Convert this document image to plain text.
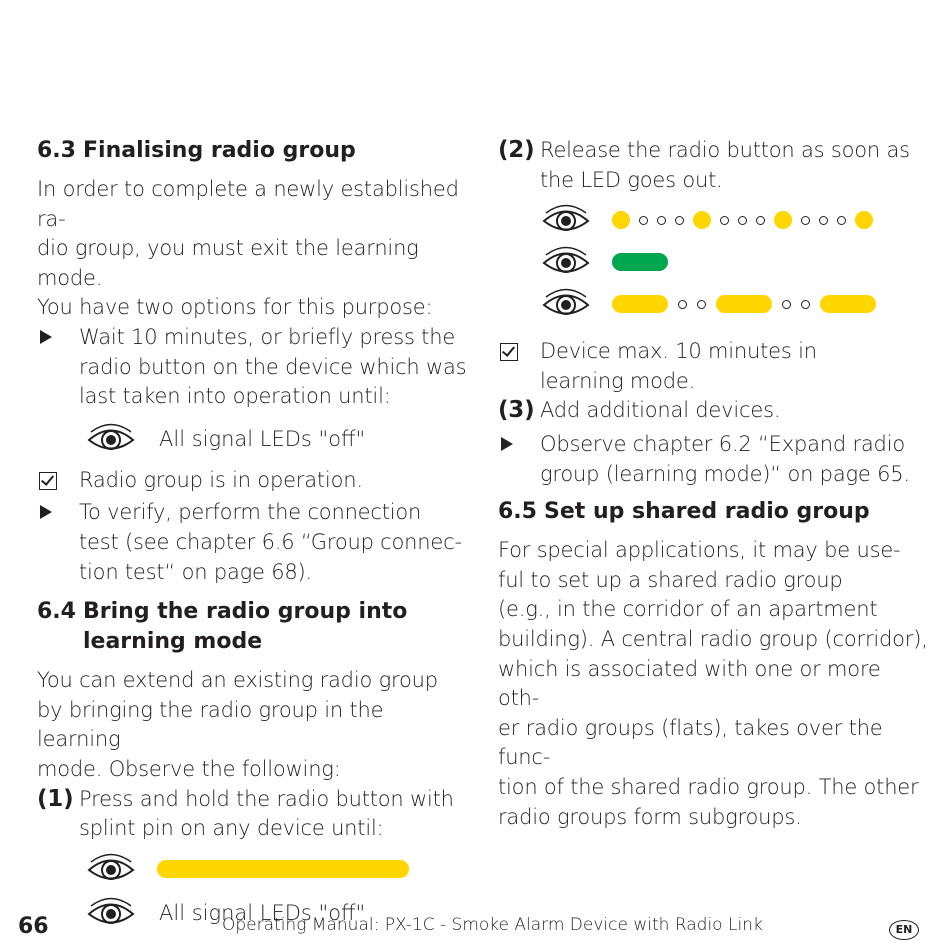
6.3 Finalising radio group
In order to complete a newly established ra-
dio group, you must exit the learning mode.
You have two options for this purpose:
Wait 10 minutes, or briefly press the
radio button on the device which was
last taken into operation until:
All signal LEDs "off"
Radio group is in operation.
To verify, perform the connection
test (see chapter 6.6 “Group connec-
tion test“ on page 68).
6.4 Bring the radio group into
learning mode
You can extend an existing radio group
by bringing the radio group in the learning
mode. Observe the following:
(1) Press and hold the radio button with
splint pin on any device until:
All signal LEDs "off"
(2) Release the radio button as soon as
the LED goes out.
Device max. 10 minutes in
learning mode.
(3) Add additional devices.
Observe chapter 6.2 “Expand radio
group (learning mode)“ on page 65.
6.5 Set up shared radio group
For special applications, it may be use-
ful to set up a shared radio group
(e.g., in the corridor of an apartment
building). A central radio group (corridor),
which is associated with one or more oth-
er radio groups (flats), takes over the func-
tion of the shared radio group. The other
radio groups form subgroups.
66	Operating Manual: PX-1C - Smoke Alarm Device with Radio Link	EN
